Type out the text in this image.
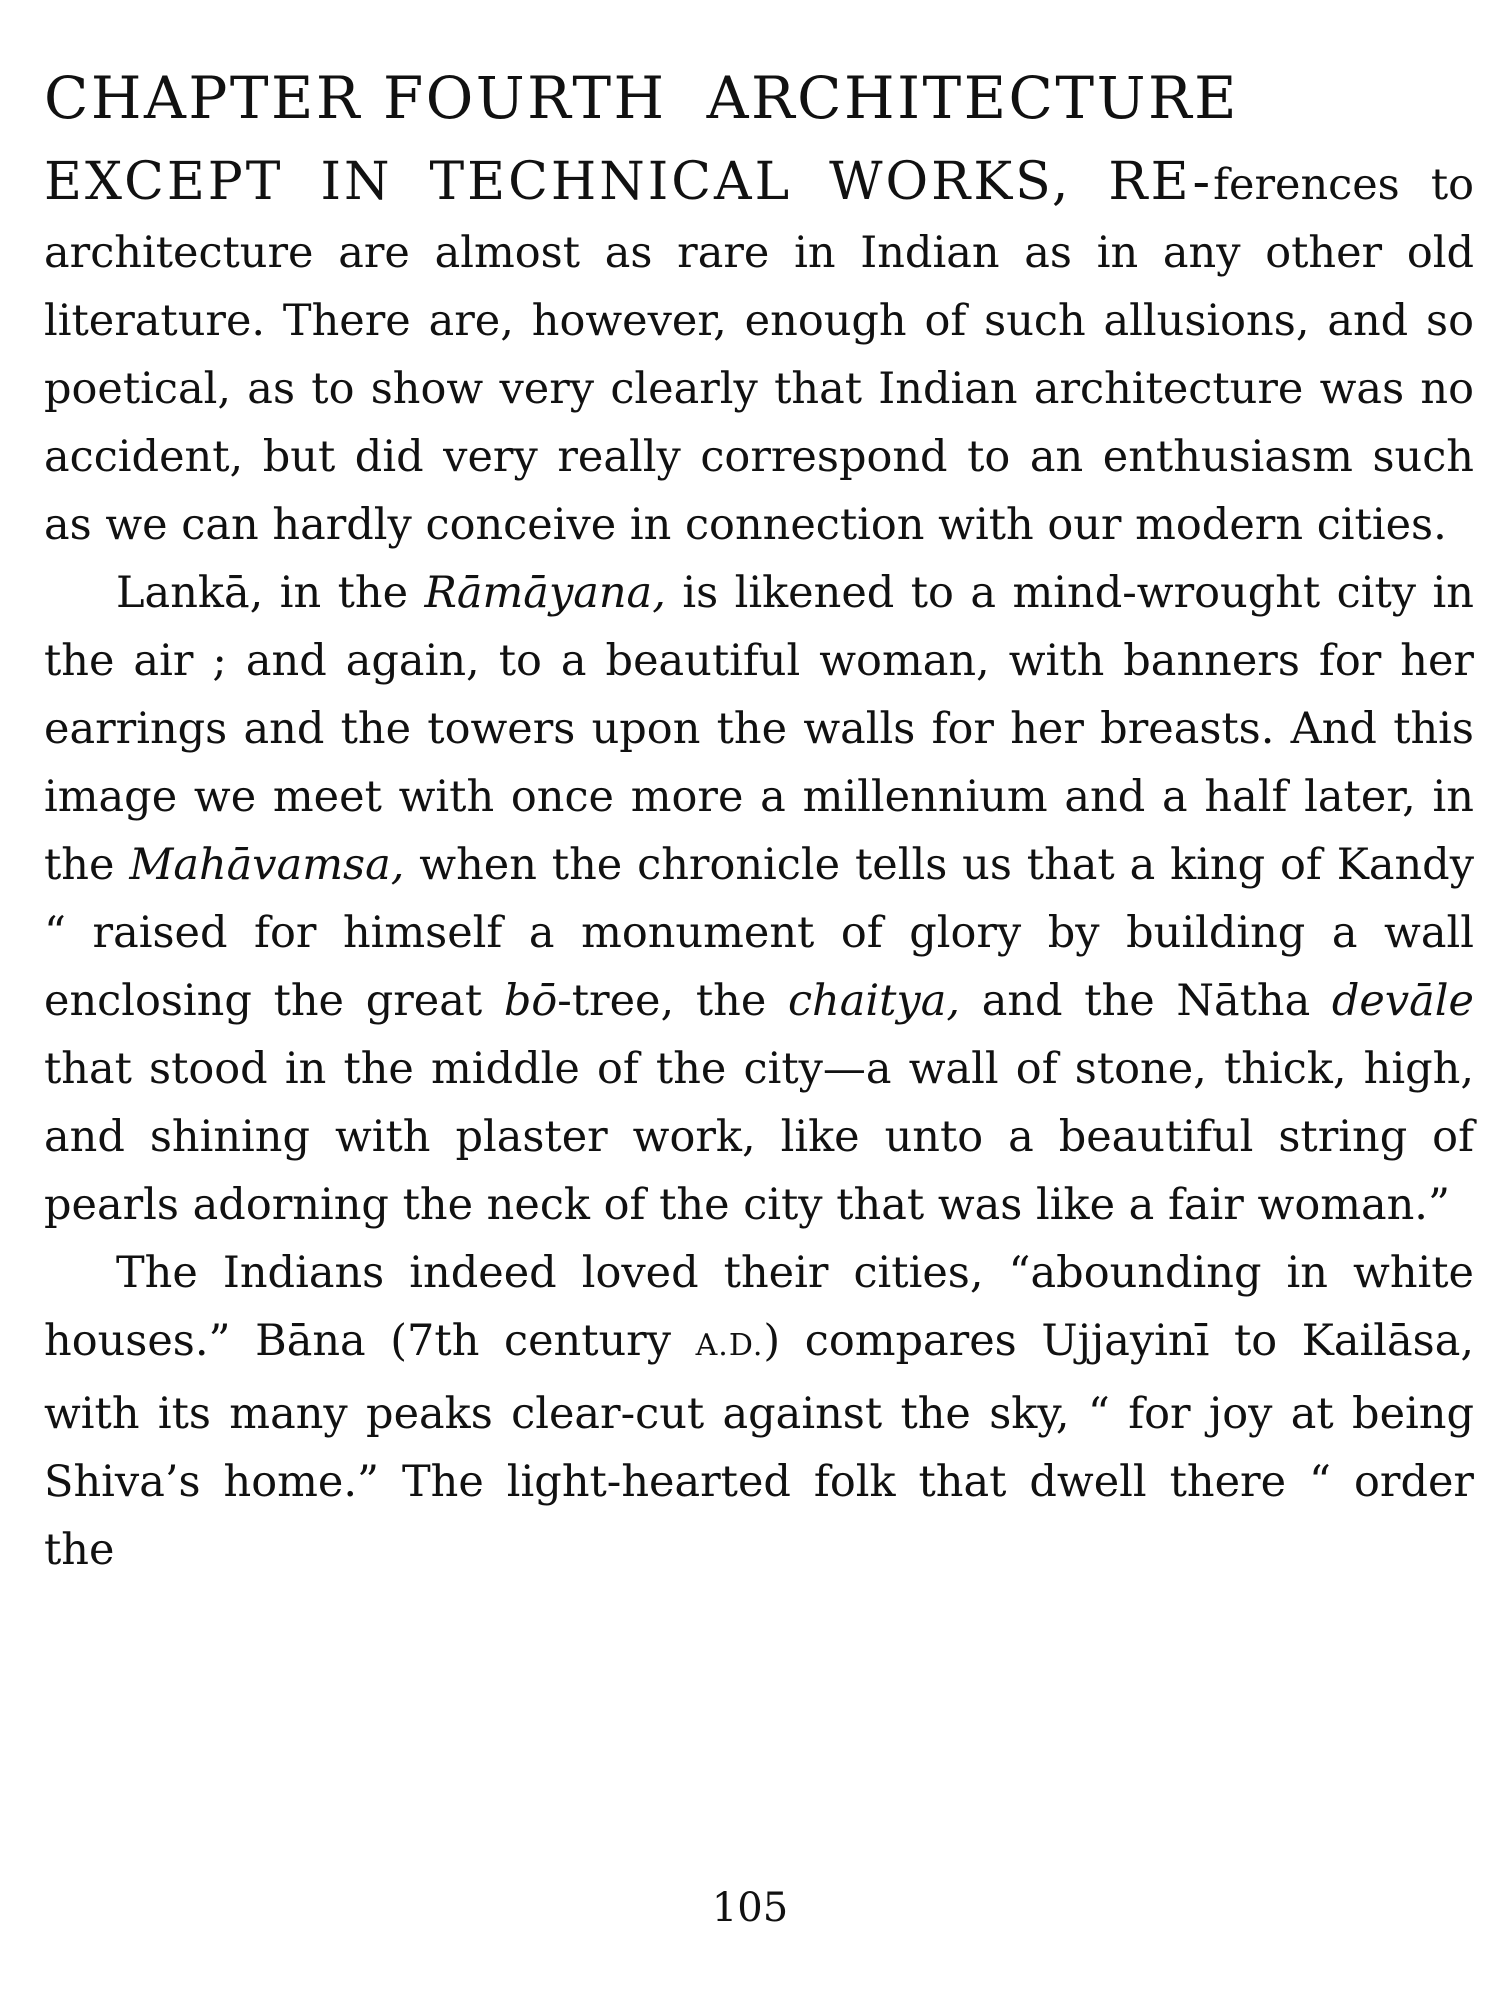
CHAPTER FOURTH ARCHITECTURE

EXCEPT IN TECHNICAL WORKS, RE-ferences to architecture are almost as rare in Indian as in any other old literature. There are, however, enough of such allusions, and so poetical, as to show very clearly that Indian architecture was no accident, but did very really correspond to an enthusiasm such as we can hardly conceive in connection with our modern cities.

Lankā, in the Rāmāyana, is likened to a mind-wrought city in the air ; and again, to a beautiful woman, with banners for her earrings and the towers upon the walls for her breasts. And this image we meet with once more a millennium and a half later, in the Mahāvamsa, when the chronicle tells us that a king of Kandy “ raised for himself a monument of glory by building a wall enclosing the great bō-tree, the chaitya, and the Nātha devāle that stood in the middle of the city—a wall of stone, thick, high, and shining with plaster work, like unto a beautiful string of pearls adorning the neck of the city that was like a fair woman.”

The Indians indeed loved their cities, “abounding in white houses.” Bāna (7th century A.D.) compares Ujjayinī to Kailāsa, with its many peaks clear-cut against the sky, “ for joy at being Shiva’s home.” The light-hearted folk that dwell there “ order the

105
